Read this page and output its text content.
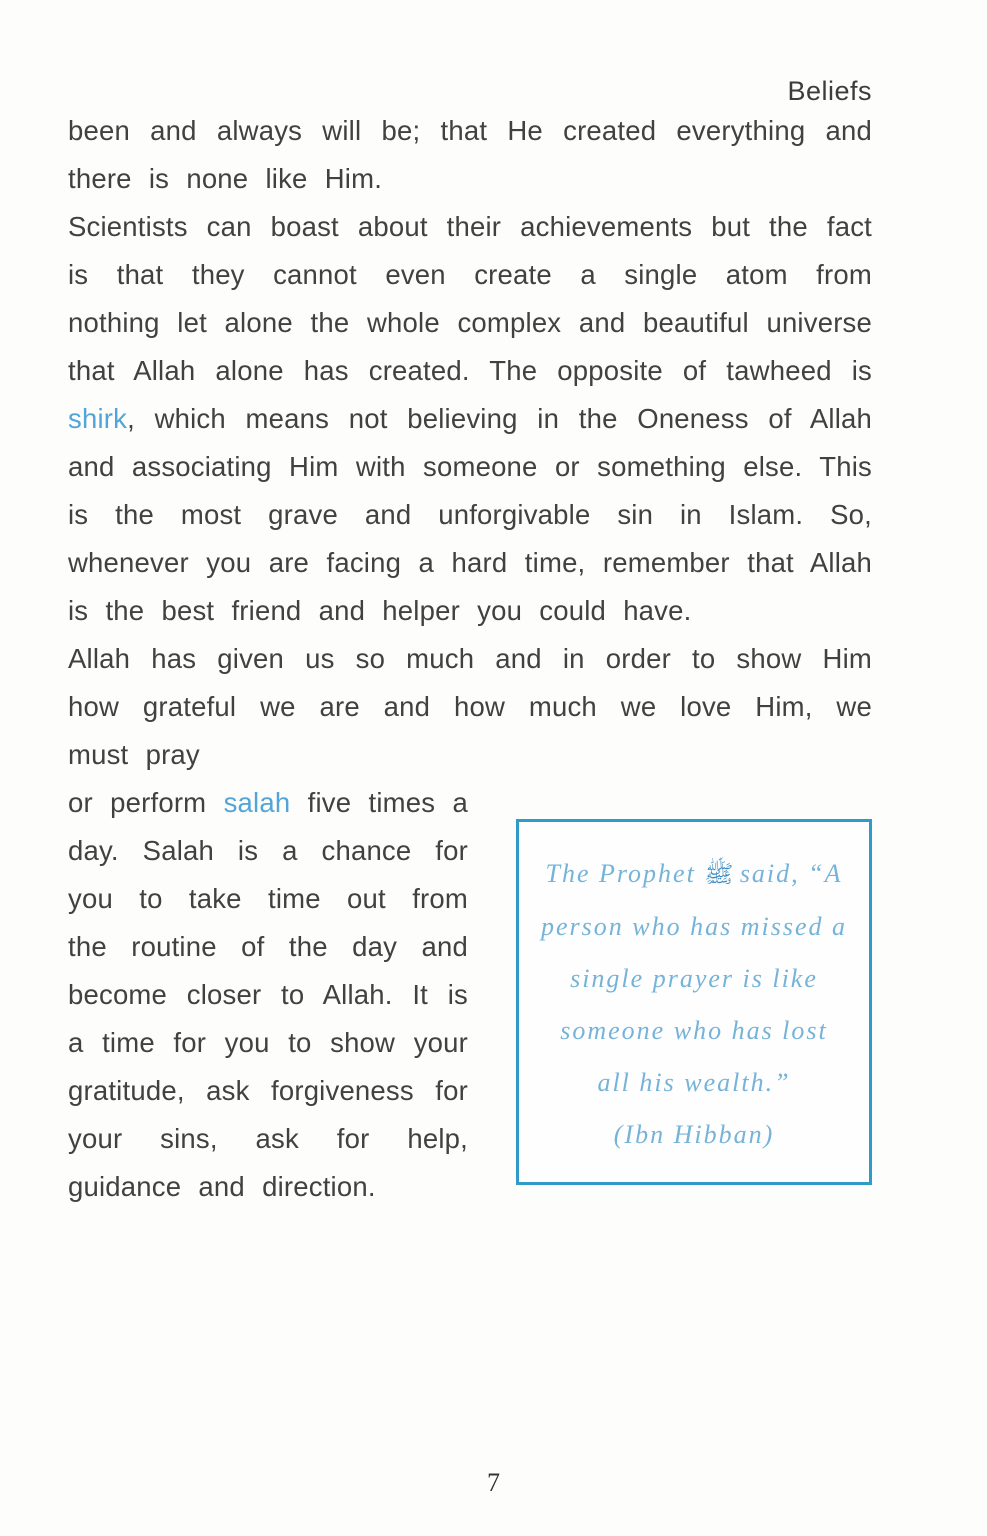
Beliefs

been and always will be; that He created everything and there is none like Him.

Scientists can boast about their achievements but the fact is that they cannot even create a single atom from nothing let alone the whole complex and beautiful universe that Allah alone has created. The opposite of tawheed is shirk, which means not believing in the Oneness of Allah and associating Him with someone or something else. This is the most grave and unforgivable sin in Islam. So, whenever you are facing a hard time, remember that Allah is the best friend and helper you could have.

Allah has given us so much and in order to show Him how grateful we are and how much we love Him, we must pray

or perform salah five times a day. Salah is a chance for you to take time out from the routine of the day and become closer to Allah. It is a time for you to show your gratitude, ask forgiveness for your sins, ask for help, guidance and direction.

The Prophet ﷺ said, “A person who has missed a single prayer is like someone who has lost all his wealth.”

(Ibn Hibban)

7
